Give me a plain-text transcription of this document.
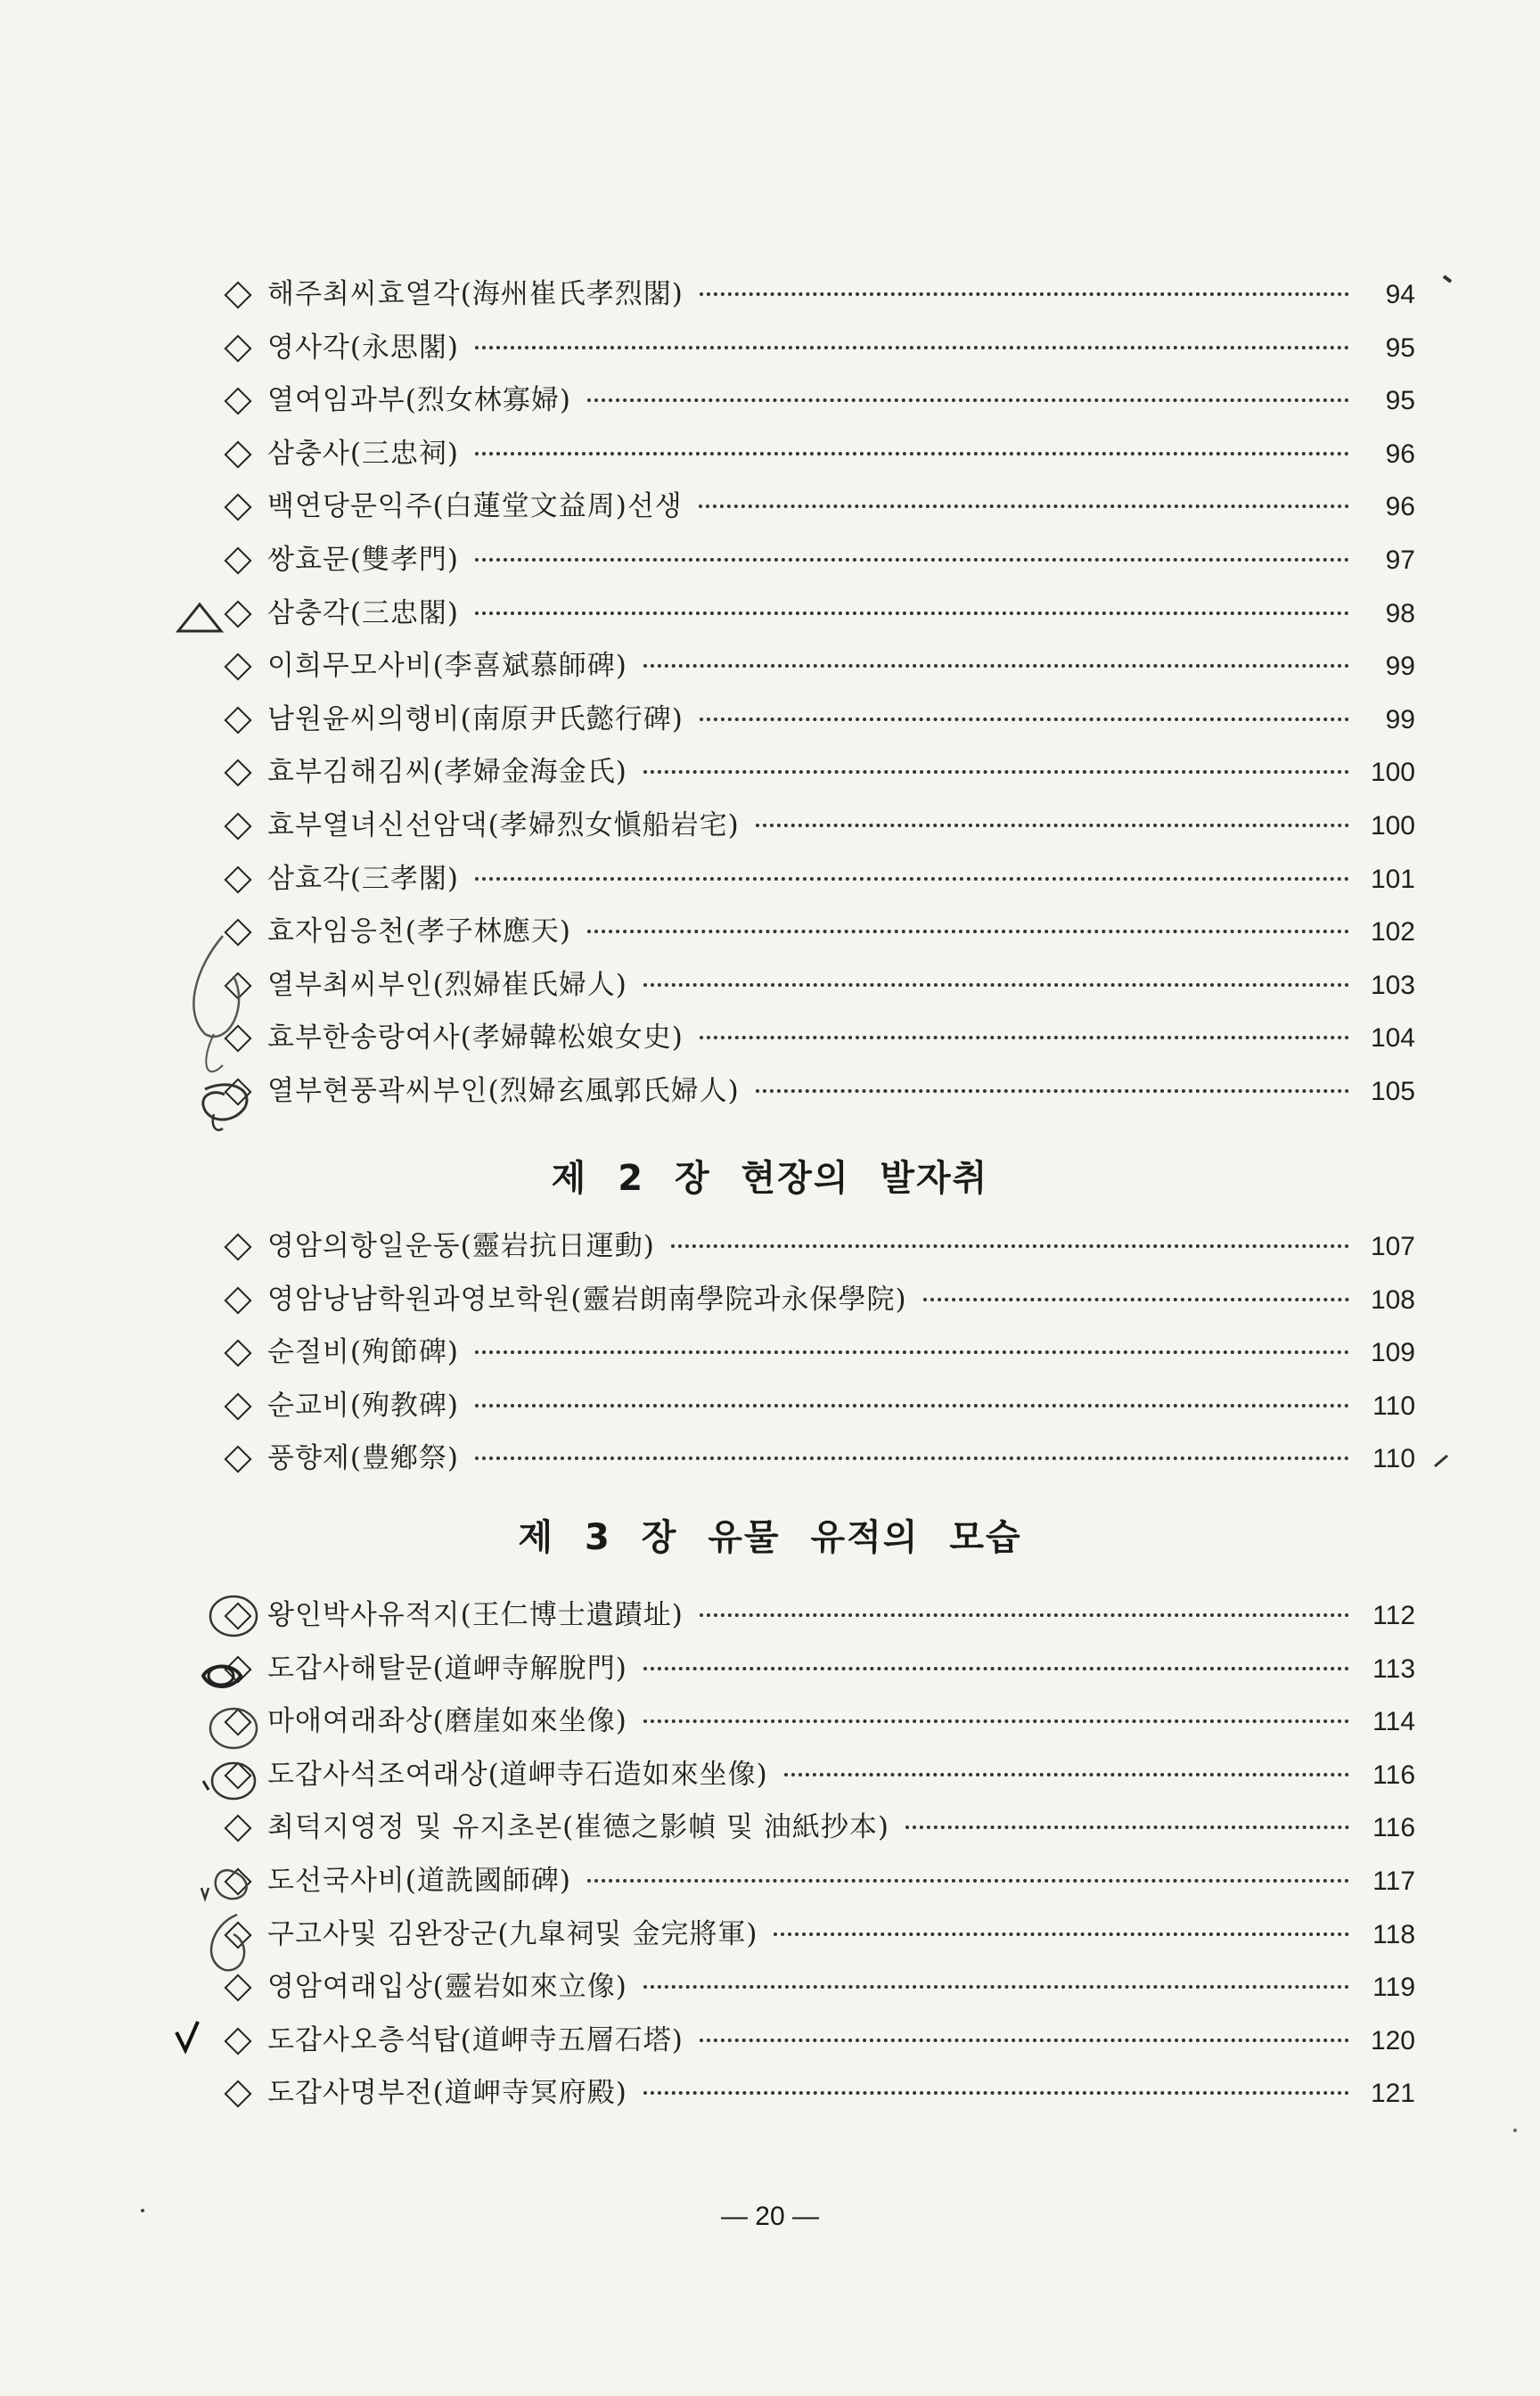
해주최씨효열각(海州崔氏孝烈閣)	94
영사각(永思閣)	95
열여임과부(烈女林寡婦)	95
삼충사(三忠祠)	96
백연당문익주(白蓮堂文益周)선생	96
쌍효문(雙孝門)	97
삼충각(三忠閣)	98
이희무모사비(李喜斌慕師碑)	99
남원윤씨의행비(南原尹氏懿行碑)	99
효부김해김씨(孝婦金海金氏)	100
효부열녀신선암댁(孝婦烈女愼船岩宅)	100
삼효각(三孝閣)	101
효자임응천(孝子林應天)	102
열부최씨부인(烈婦崔氏婦人)	103
효부한송랑여사(孝婦韓松娘女史)	104
열부현풍곽씨부인(烈婦玄風郭氏婦人)	105
제 2 장 현장의 발자취
영암의항일운동(靈岩抗日運動)	107
영암낭남학원과영보학원(靈岩朗南學院과永保學院)	108
순절비(殉節碑)	109
순교비(殉教碑)	110
풍향제(豊鄕祭)	110
제 3 장 유물 유적의 모습
왕인박사유적지(王仁博士遺蹟址)	112
도갑사해탈문(道岬寺解脫門)	113
마애여래좌상(磨崖如來坐像)	114
도갑사석조여래상(道岬寺石造如來坐像)	116
최덕지영정 및 유지초본(崔德之影幀 및 油紙抄本)	116
도선국사비(道詵國師碑)	117
구고사및 김완장군(九皐祠및 金完將軍)	118
영암여래입상(靈岩如來立像)	119
도갑사오층석탑(道岬寺五層石塔)	120
도갑사명부전(道岬寺冥府殿)	121
— 20 —
